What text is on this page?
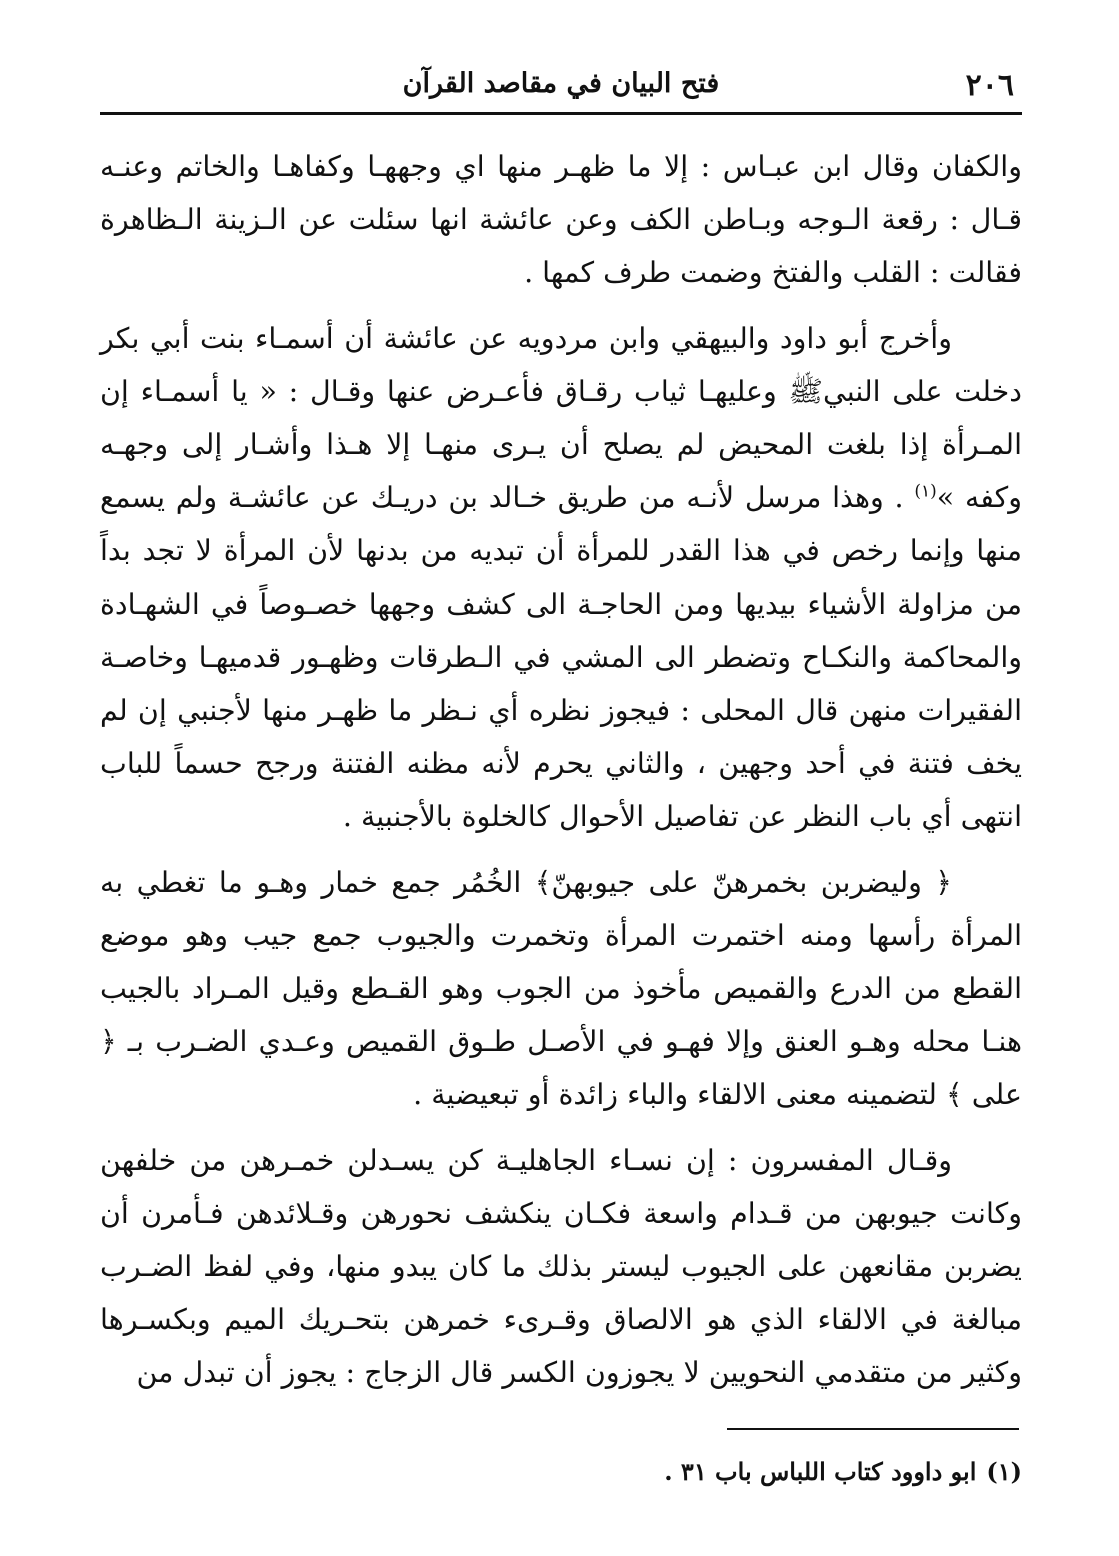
٢٠٦
فتح البيان في مقاصد القرآن

والكفان وقال ابن عبـاس : إلا ما ظهـر منها اي وجههـا وكفاهـا والخاتم وعنـه قـال : رقعة الـوجه وبـاطن الكف وعن عائشة انها سئلت عن الـزينة الـظاهرة فقالت : القلب والفتخ وضمت طرف كمها .

وأخرج أبو داود والبيهقي وابن مردويه عن عائشة أن أسمـاء بنت أبي بكر دخلت على النبيﷺ وعليهـا ثياب رقـاق فأعـرض عنها وقـال : « يا أسمـاء إن المـرأة إذا بلغت المحيض لم يصلح أن يـرى منهـا إلا هـذا وأشـار إلى وجهـه وكفه »$^{(١)}$ . وهذا مرسل لأنـه من طريق خـالد بن دريـك عن عائشـة ولم يسمع منها وإنما رخص في هذا القدر للمرأة أن تبديه من بدنها لأن المرأة لا تجد بداً من مزاولة الأشياء بيديها ومن الحاجـة الى كشف وجهها خصـوصاً في الشهـادة والمحاكمة والنكـاح وتضطر الى المشي في الـطرقات وظهـور قدميهـا وخاصـة الفقيرات منهن قال المحلى : فيجوز نظره أي نـظر ما ظهـر منها لأجنبي إن لم يخف فتنة في أحد وجهين ، والثاني يحرم لأنه مظنه الفتنة ورجح حسماً للباب انتهى أي باب النظر عن تفاصيل الأحوال كالخلوة بالأجنبية .

﴿ وليضربن بخمرهنّ على جيوبهنّ﴾ الخُمُر جمع خمار وهـو ما تغطي به المرأة رأسها ومنه اختمرت المرأة وتخمرت والجيوب جمع جيب وهو موضع القطع من الدرع والقميص مأخوذ من الجوب وهو القـطع وقيل المـراد بالجيب هنـا محله وهـو العنق وإلا فهـو في الأصـل طـوق القميص وعـدي الضـرب بـ ﴿ على ﴾ لتضمينه معنى الالقاء والباء زائدة أو تبعيضية .

وقـال المفسرون : إن نسـاء الجاهليـة كن يسـدلن خمـرهن من خلفهن وكانت جيوبهن من قـدام واسعة فكـان ينكشف نحورهن وقـلائدهن فـأمرن أن يضربن مقانعهن على الجيوب ليستر بذلك ما كان يبدو منها، وفي لفظ الضـرب مبالغة في الالقاء الذي هو الالصاق وقـرىء خمرهن بتحـريك الميم وبكسـرها وكثير من متقدمي النحويين لا يجوزون الكسر قال الزجاج : يجوز أن تبدل من

(١)ابو داوود كتاب اللباس باب ٣١ .
